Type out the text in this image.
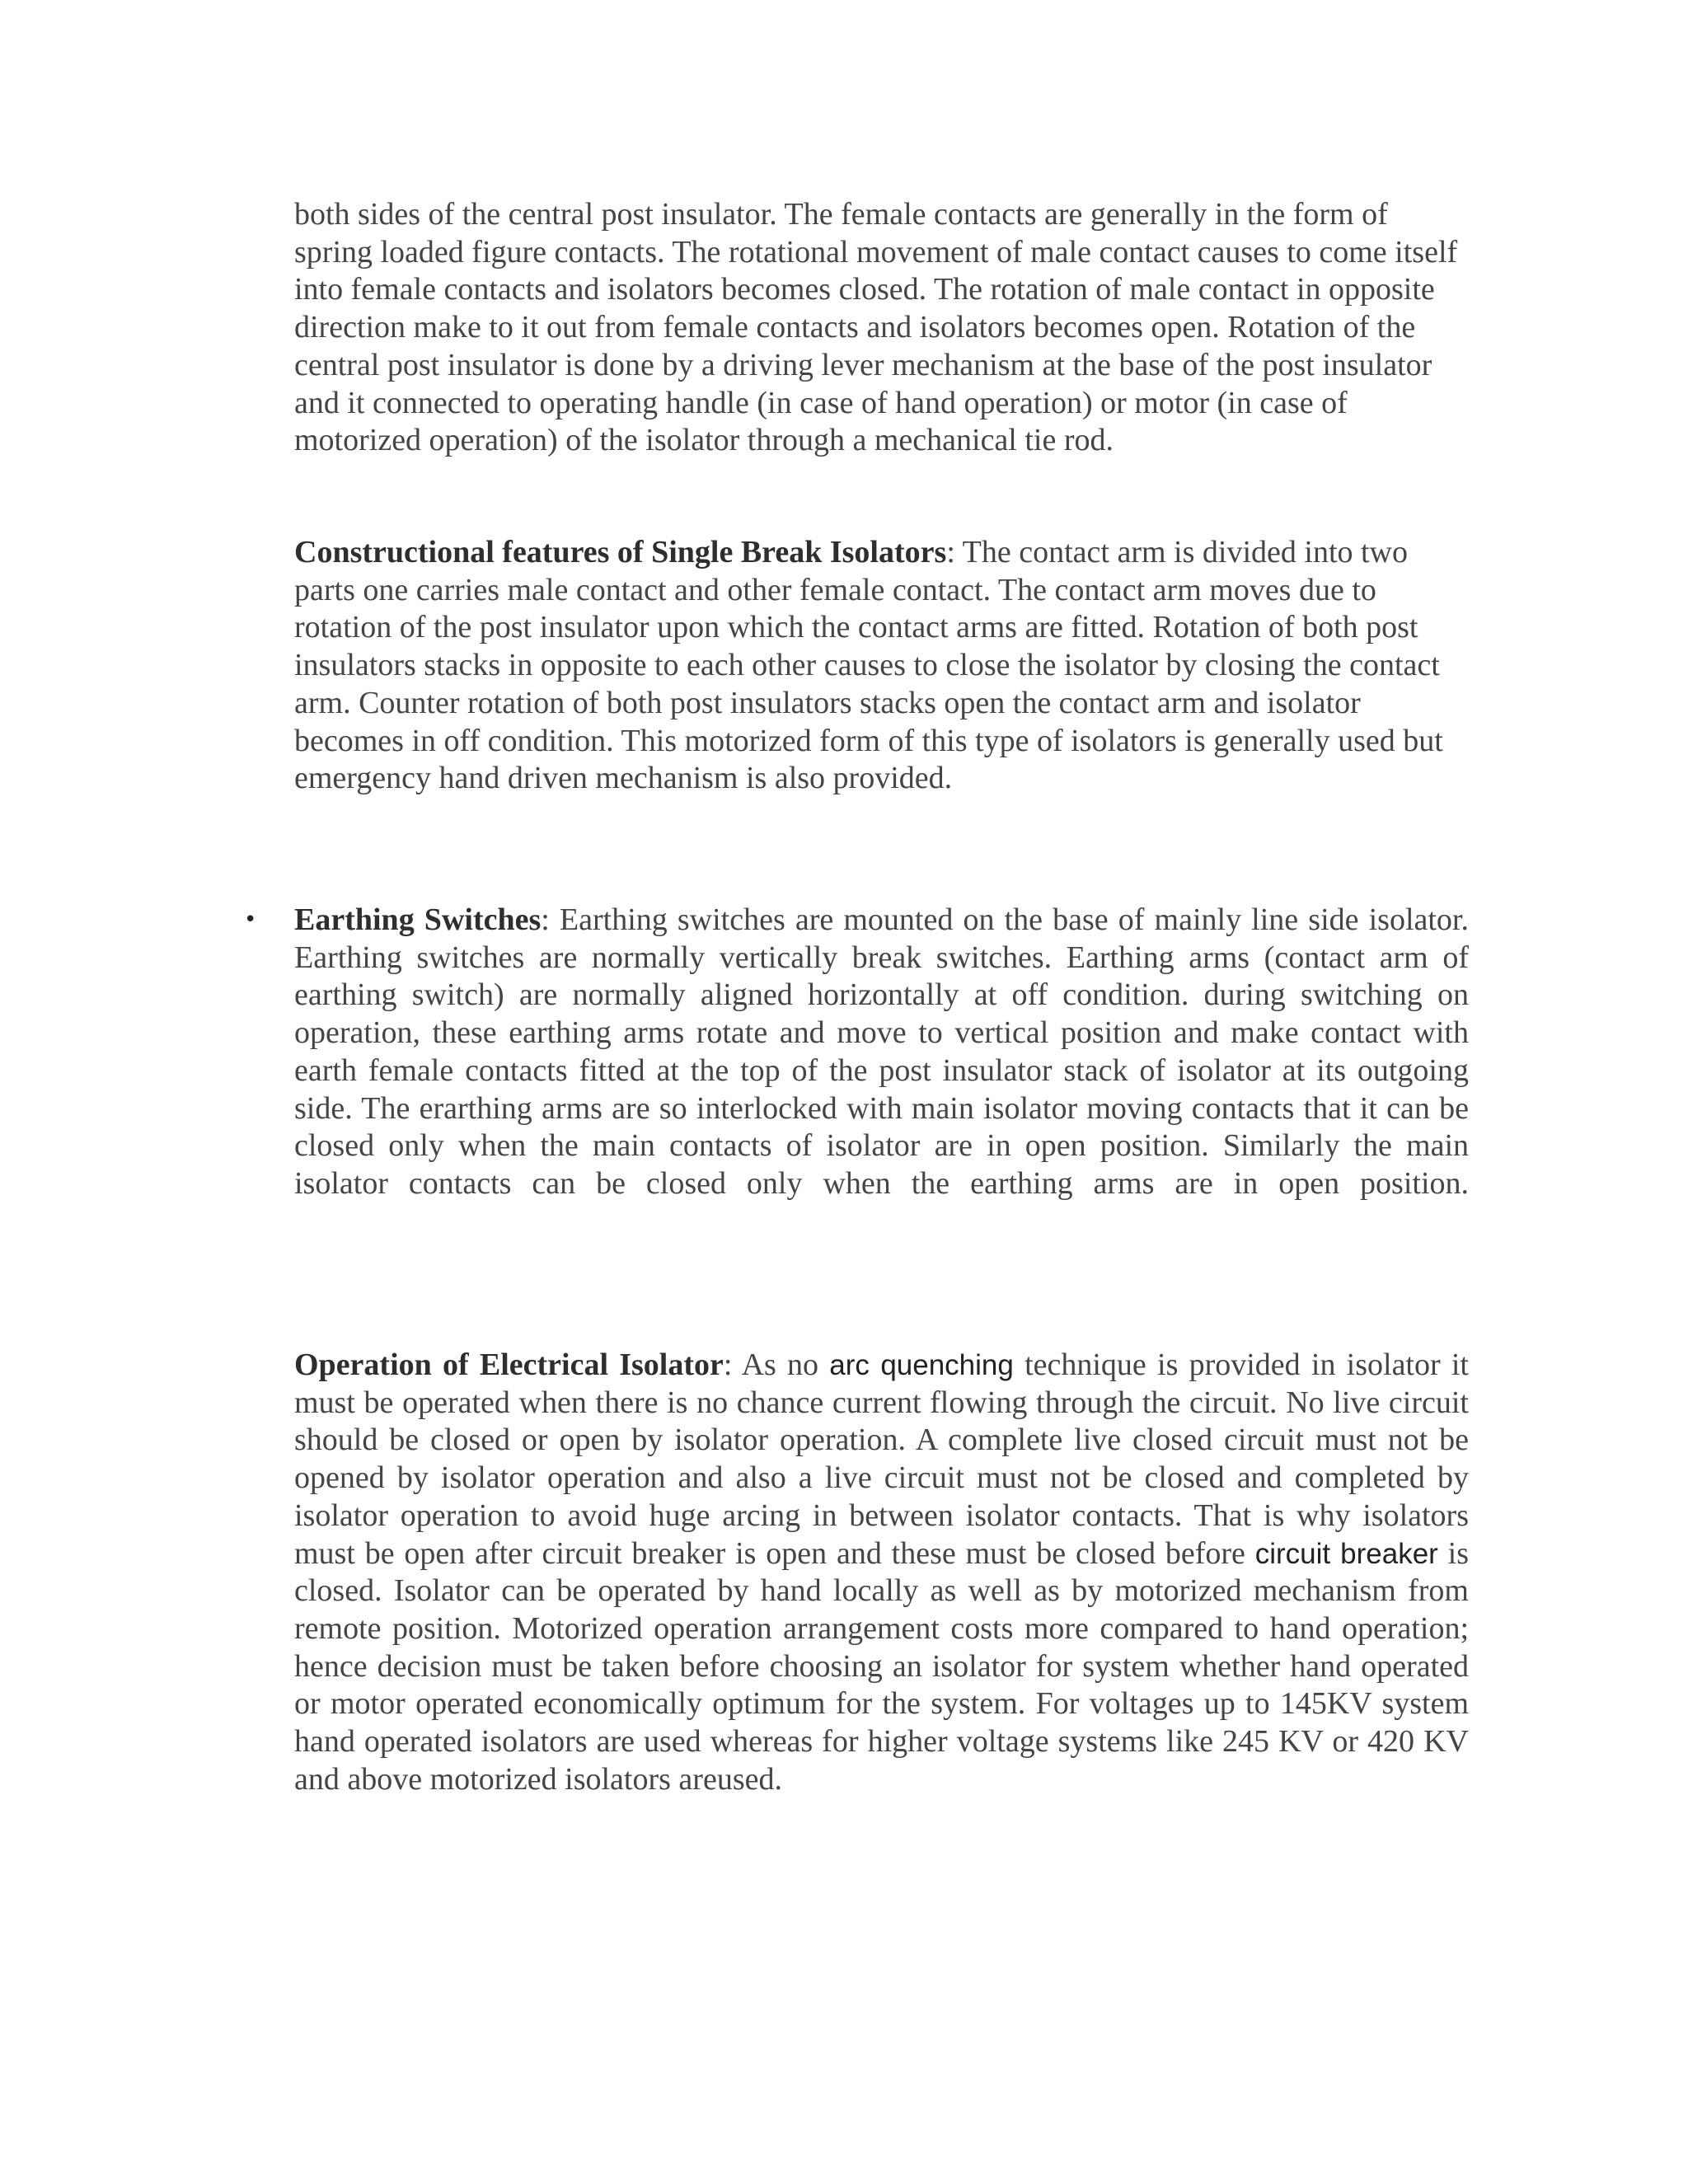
both sides of the central post insulator. The female contacts are generally in the form of spring loaded figure contacts. The rotational movement of male contact causes to come itself into female contacts and isolators becomes closed. The rotation of male contact in opposite direction make to it out from female contacts and isolators becomes open. Rotation of the central post insulator is done by a driving lever mechanism at the base of the post insulator and it connected to operating handle (in case of hand operation) or motor (in case of motorized operation) of the isolator through a mechanical tie rod.

Constructional features of Single Break Isolators: The contact arm is divided into two parts one carries male contact and other female contact. The contact arm moves due to rotation of the post insulator upon which the contact arms are fitted. Rotation of both post insulators stacks in opposite to each other causes to close the isolator by closing the contact arm. Counter rotation of both post insulators stacks open the contact arm and isolator becomes in off condition. This motorized form of this type of isolators is generally used but emergency hand driven mechanism is also provided.

• Earthing Switches: Earthing switches are mounted on the base of mainly line side isolator. Earthing switches are normally vertically break switches. Earthing arms (contact arm of earthing switch) are normally aligned horizontally at off condition. during switching on operation, these earthing arms rotate and move to vertical position and make contact with earth female contacts fitted at the top of the post insulator stack of isolator at its outgoing side. The erarthing arms are so interlocked with main isolator moving contacts that it can be closed only when the main contacts of isolator are in open position. Similarly the main isolator contacts can be closed only when the earthing arms are in open position.

Operation of Electrical Isolator: As no arc quenching technique is provided in isolator it must be operated when there is no chance current flowing through the circuit. No live circuit should be closed or open by isolator operation. A complete live closed circuit must not be opened by isolator operation and also a live circuit must not be closed and completed by isolator operation to avoid huge arcing in between isolator contacts. That is why isolators must be open after circuit breaker is open and these must be closed before circuit breaker is closed. Isolator can be operated by hand locally as well as by motorized mechanism from remote position. Motorized operation arrangement costs more compared to hand operation; hence decision must be taken before choosing an isolator for system whether hand operated or motor operated economically optimum for the system. For voltages up to 145KV system hand operated isolators are used whereas for higher voltage systems like 245 KV or 420 KV and above motorized isolators areused.
